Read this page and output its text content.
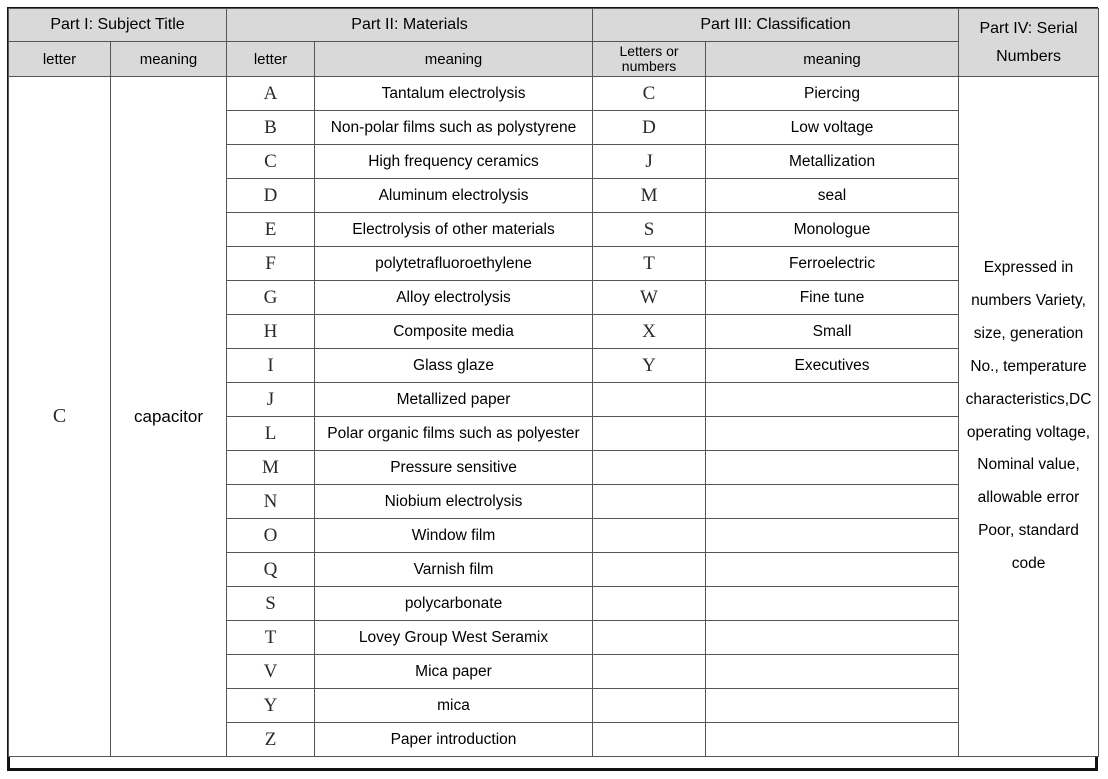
Part I: Subject Title		Part II: Materials		Part III: Classification		Part IV: Serial Numbers
letter	meaning	letter	meaning	Letters or numbers	meaning	
C	capacitor	A	Tantalum electrolysis	C	Piercing	Expressed in numbers Variety, size, generation No., temperature characteristics,DC operating voltage, Nominal value, allowable error Poor, standard code
		B	Non-polar films such as polystyrene	D	Low voltage	
		C	High frequency ceramics	J	Metallization	
		D	Aluminum electrolysis	M	seal	
		E	Electrolysis of other materials	S	Monologue	
		F	polytetrafluoroethylene	T	Ferroelectric	
		G	Alloy electrolysis	W	Fine tune	
		H	Composite media	X	Small	
		I	Glass glaze	Y	Executives	
		J	Metallized paper			
		L	Polar organic films such as polyester			
		M	Pressure sensitive			
		N	Niobium electrolysis			
		O	Window film			
		Q	Varnish film			
		S	polycarbonate			
		T	Lovey Group West Seramix			
		V	Mica paper			
		Y	mica			
		Z	Paper introduction			
